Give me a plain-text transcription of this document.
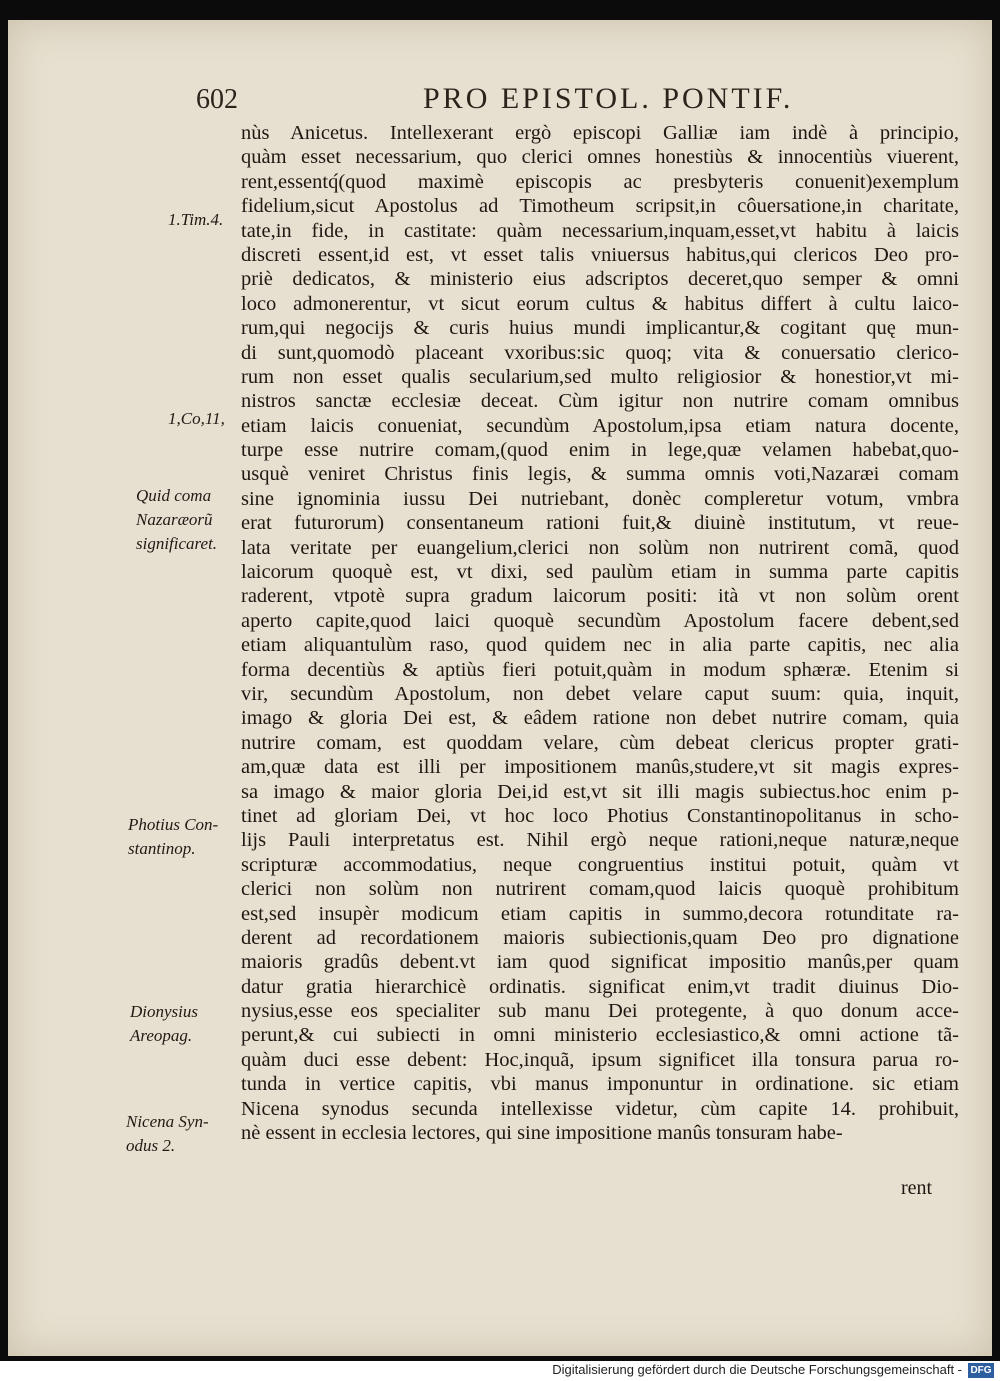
602	PRO EPISTOL. PONTIF.
nùs Anicetus. Intellexerant ergò episcopi Galliæ iam indè à principio,
quàm esset necessarium, quo clerici omnes honestiùs & innocentiùs viuerent,
rent,essentq́(quod maximè episcopis ac presbyteris conuenit)exemplum
fidelium,sicut Apostolus ad Timotheum scripsit,in côuersatione,in charitate,
tate,in fide, in castitate: quàm necessarium,inquam,esset,vt habitu à laicis
discreti essent,id est, vt esset talis vniuersus habitus,qui clericos Deo pro-
priè dedicatos, & ministerio eius adscriptos deceret,quo semper & omni
loco admonerentur, vt sicut eorum cultus & habitus differt à cultu laico-
rum,qui negocijs & curis huius mundi implicantur,& cogitant quę mun-
di sunt,quomodò placeant vxoribus:sic quoq; vita & conuersatio clerico-
rum non esset qualis secularium,sed multo religiosior & honestior,vt mi-
nistros sanctæ ecclesiæ deceat. Cùm igitur non nutrire comam omnibus
etiam laicis conueniat, secundùm Apostolum,ipsa etiam natura docente,
turpe esse nutrire comam,(quod enim in lege,quæ velamen habebat,quo-
usquè veniret Christus finis legis, & summa omnis voti,Nazaræi comam
sine ignominia iussu Dei nutriebant, donèc compleretur votum, vmbra
erat futurorum) consentaneum rationi fuit,& diuinè institutum, vt reue-
lata veritate per euangelium,clerici non solùm non nutrirent comã, quod
laicorum quoquè est, vt dixi, sed paulùm etiam in summa parte capitis
raderent, vtpotè supra gradum laicorum positi: ità vt non solùm orent
aperto capite,quod laici quoquè secundùm Apostolum facere debent,sed
etiam aliquantulùm raso, quod quidem nec in alia parte capitis, nec alia
forma decentiùs & aptiùs fieri potuit,quàm in modum sphæræ. Etenim si
vir, secundùm Apostolum, non debet velare caput suum: quia, inquit,
imago & gloria Dei est, & eâdem ratione non debet nutrire comam, quia
nutrire comam, est quoddam velare, cùm debeat clericus propter grati-
am,quæ data est illi per impositionem manûs,studere,vt sit magis expres-
sa imago & maior gloria Dei,id est,vt sit illi magis subiectus.hoc enim p-
tinet ad gloriam Dei, vt hoc loco Photius Constantinopolitanus in scho-
lijs Pauli interpretatus est. Nihil ergò neque rationi,neque naturæ,neque
scripturæ accommodatius, neque congruentius institui potuit, quàm vt
clerici non solùm non nutrirent comam,quod laicis quoquè prohibitum
est,sed insupèr modicum etiam capitis in summo,decora rotunditate ra-
derent ad recordationem maioris subiectionis,quam Deo pro dignatione
maioris gradûs debent.vt iam quod significat impositio manûs,per quam
datur gratia hierarchicè ordinatis. significat enim,vt tradit diuinus Dio-
nysius,esse eos specialiter sub manu Dei protegente, à quo donum acce-
perunt,& cui subiecti in omni ministerio ecclesiastico,& omni actione tã-
quàm duci esse debent: Hoc,inquã, ipsum significet illa tonsura parua ro-
tunda in vertice capitis, vbi manus imponuntur in ordinatione. sic etiam
Nicena synodus secunda intellexisse videtur, cùm capite 14. prohibuit,
nè essent in ecclesia lectores, qui sine impositione manûs tonsuram habe-
1.Tim.4.
1,Co,11,
Quid coma
Nazaræorũ
significaret.
Photius Con-
stantinop.
Dionysius
Areopag.
Nicena Syn-
odus 2.
rent
Digitalisierung gefördert durch die Deutsche Forschungsgemeinschaft - DFG
